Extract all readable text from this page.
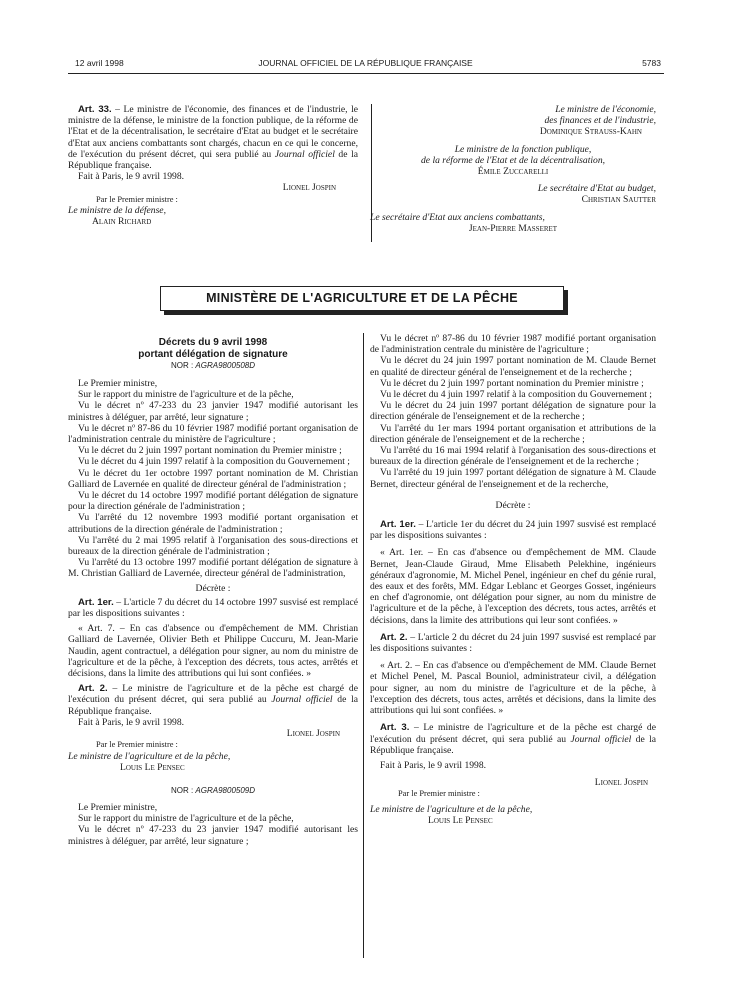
12 avril 1998	JOURNAL OFFICIEL DE LA RÉPUBLIQUE FRANÇAISE	5783

Art. 33. – Le ministre de l'économie, des finances et de l'industrie, le ministre de la défense, le ministre de la fonction publique, de la réforme de l'Etat et de la décentralisation, le secrétaire d'Etat au budget et le secrétaire d'Etat aux anciens combattants sont chargés, chacun en ce qui le concerne, de l'exécution du présent décret, qui sera publié au Journal officiel de la République française.

Fait à Paris, le 9 avril 1998.

Lionel Jospin

Par le Premier ministre :

Le ministre de la défense,

Alain Richard

Le ministre de l'économie,

des finances et de l'industrie,

Dominique Strauss-Kahn

Le ministre de la fonction publique,

de la réforme de l'Etat et de la décentralisation,

Émile Zuccarelli

Le secrétaire d'Etat au budget,

Christian Sautter

Le secrétaire d'Etat aux anciens combattants,

Jean-Pierre Masseret

MINISTÈRE DE L'AGRICULTURE ET DE LA PÊCHE
Décrets du 9 avril 1998
portant délégation de signature
NOR : AGRA9800508D

Le Premier ministre,

Sur le rapport du ministre de l'agriculture et de la pêche,

Vu le décret nº 47-233 du 23 janvier 1947 modifié autorisant les ministres à déléguer, par arrêté, leur signature ;

Vu le décret nº 87-86 du 10 février 1987 modifié portant organisation de l'administration centrale du ministère de l'agriculture ;

Vu le décret du 2 juin 1997 portant nomination du Premier ministre ;

Vu le décret du 4 juin 1997 relatif à la composition du Gouvernement ;

Vu le décret du 1er octobre 1997 portant nomination de M. Christian Galliard de Lavernée en qualité de directeur général de l'administration ;

Vu le décret du 14 octobre 1997 modifié portant délégation de signature pour la direction générale de l'administration ;

Vu l'arrêté du 12 novembre 1993 modifié portant organisation et attributions de la direction générale de l'administration ;

Vu l'arrêté du 2 mai 1995 relatif à l'organisation des sous-directions et bureaux de la direction générale de l'administration ;

Vu l'arrêté du 13 octobre 1997 modifié portant délégation de signature à M. Christian Galliard de Lavernée, directeur général de l'administration,

Décrète :

Art. 1er. – L'article 7 du décret du 14 octobre 1997 susvisé est remplacé par les dispositions suivantes :

« Art. 7. – En cas d'absence ou d'empêchement de MM. Christian Galliard de Lavernée, Olivier Beth et Philippe Cuccuru, M. Jean-Marie Naudin, agent contractuel, a délégation pour signer, au nom du ministre de l'agriculture et de la pêche, à l'exception des décrets, tous actes, arrêtés et décisions, dans la limite des attributions qui lui sont confiées. »

Art. 2. – Le ministre de l'agriculture et de la pêche est chargé de l'exécution du présent décret, qui sera publié au Journal officiel de la République française.

Fait à Paris, le 9 avril 1998.

Lionel Jospin

Par le Premier ministre :

Le ministre de l'agriculture et de la pêche,

Louis Le Pensec

NOR : AGRA9800509D

Le Premier ministre,

Sur le rapport du ministre de l'agriculture et de la pêche,

Vu le décret nº 47-233 du 23 janvier 1947 modifié autorisant les ministres à déléguer, par arrêté, leur signature ;

Vu le décret nº 87-86 du 10 février 1987 modifié portant organisation de l'administration centrale du ministère de l'agriculture ;

Vu le décret du 24 juin 1997 portant nomination de M. Claude Bernet en qualité de directeur général de l'enseignement et de la recherche ;

Vu le décret du 2 juin 1997 portant nomination du Premier ministre ;

Vu le décret du 4 juin 1997 relatif à la composition du Gouvernement ;

Vu le décret du 24 juin 1997 portant délégation de signature pour la direction générale de l'enseignement et de la recherche ;

Vu l'arrêté du 1er mars 1994 portant organisation et attributions de la direction générale de l'enseignement et de la recherche ;

Vu l'arrêté du 16 mai 1994 relatif à l'organisation des sous-directions et bureaux de la direction générale de l'enseignement et de la recherche ;

Vu l'arrêté du 19 juin 1997 portant délégation de signature à M. Claude Bernet, directeur général de l'enseignement et de la recherche,

Décrète :

Art. 1er. – L'article 1er du décret du 24 juin 1997 susvisé est remplacé par les dispositions suivantes :

« Art. 1er. – En cas d'absence ou d'empêchement de MM. Claude Bernet, Jean-Claude Giraud, Mme Elisabeth Pelekhine, ingénieurs généraux d'agronomie, M. Michel Penel, ingénieur en chef du génie rural, des eaux et des forêts, MM. Edgar Leblanc et Georges Gosset, ingénieurs en chef d'agronomie, ont délégation pour signer, au nom du ministre de l'agriculture et de la pêche, à l'exception des décrets, tous actes, arrêtés et décisions, dans la limite des attributions qui leur sont confiées. »

Art. 2. – L'article 2 du décret du 24 juin 1997 susvisé est remplacé par les dispositions suivantes :

« Art. 2. – En cas d'absence ou d'empêchement de MM. Claude Bernet et Michel Penel, M. Pascal Bouniol, administrateur civil, a délégation pour signer, au nom du ministre de l'agriculture et de la pêche, à l'exception des décrets, tous actes, arrêtés et décisions, dans la limite des attributions qui lui sont confiées. »

Art. 3. – Le ministre de l'agriculture et de la pêche est chargé de l'exécution du présent décret, qui sera publié au Journal officiel de la République française.

Fait à Paris, le 9 avril 1998.

Lionel Jospin

Par le Premier ministre :

Le ministre de l'agriculture et de la pêche,

Louis Le Pensec
